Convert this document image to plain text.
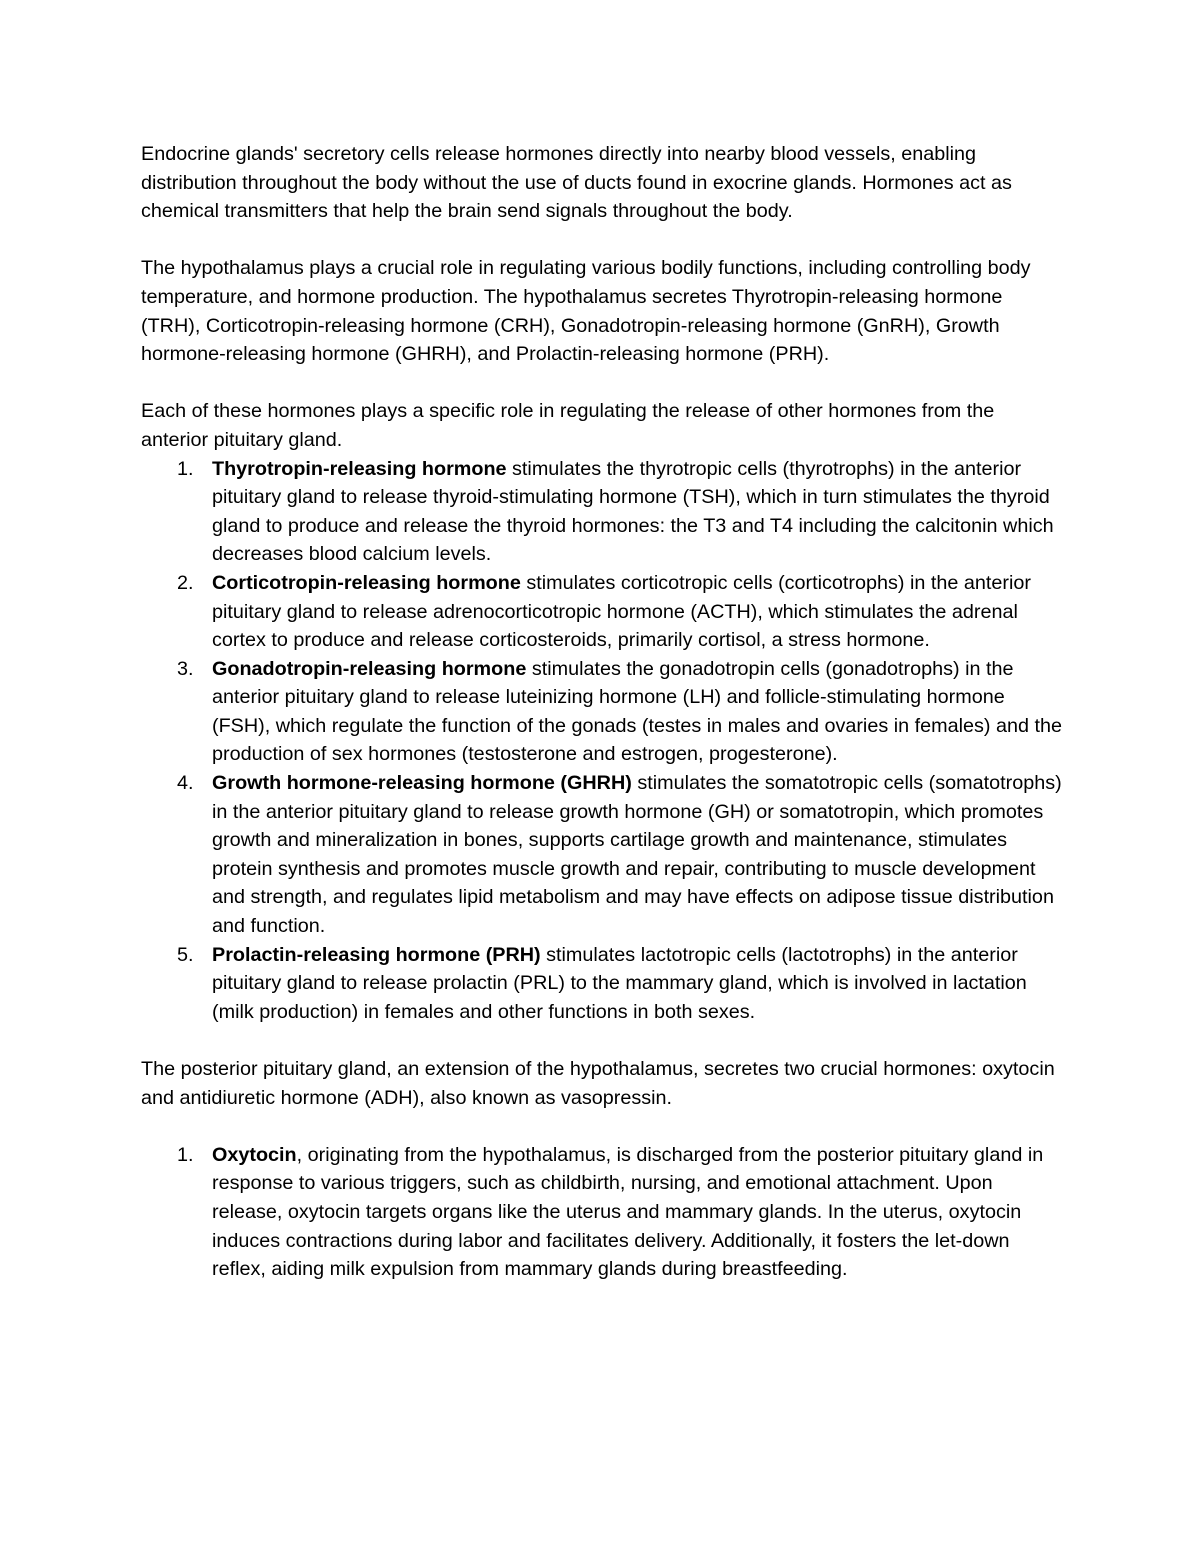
Endocrine glands' secretory cells release hormones directly into nearby blood vessels, enabling distribution throughout the body without the use of ducts found in exocrine glands. Hormones act as chemical transmitters that help the brain send signals throughout the body.

The hypothalamus plays a crucial role in regulating various bodily functions, including controlling body temperature, and hormone production. The hypothalamus secretes Thyrotropin-releasing hormone (TRH), Corticotropin-releasing hormone (CRH), Gonadotropin-releasing hormone (GnRH), Growth hormone-releasing hormone (GHRH), and Prolactin-releasing hormone (PRH).

Each of these hormones plays a specific role in regulating the release of other hormones from the anterior pituitary gland.

1. Thyrotropin-releasing hormone stimulates the thyrotropic cells (thyrotrophs) in the anterior pituitary gland to release thyroid-stimulating hormone (TSH), which in turn stimulates the thyroid gland to produce and release the thyroid hormones: the T3 and T4 including the calcitonin which decreases blood calcium levels.
2. Corticotropin-releasing hormone stimulates corticotropic cells (corticotrophs) in the anterior pituitary gland to release adrenocorticotropic hormone (ACTH), which stimulates the adrenal cortex to produce and release corticosteroids, primarily cortisol, a stress hormone.
3. Gonadotropin-releasing hormone stimulates the gonadotropin cells (gonadotrophs) in the anterior pituitary gland to release luteinizing hormone (LH) and follicle-stimulating hormone (FSH), which regulate the function of the gonads (testes in males and ovaries in females) and the production of sex hormones (testosterone and estrogen, progesterone).
4. Growth hormone-releasing hormone (GHRH) stimulates the somatotropic cells (somatotrophs) in the anterior pituitary gland to release growth hormone (GH) or somatotropin, which promotes growth and mineralization in bones, supports cartilage growth and maintenance, stimulates protein synthesis and promotes muscle growth and repair, contributing to muscle development and strength, and regulates lipid metabolism and may have effects on adipose tissue distribution and function.
5. Prolactin-releasing hormone (PRH) stimulates lactotropic cells (lactotrophs) in the anterior pituitary gland to release prolactin (PRL) to the mammary gland, which is involved in lactation (milk production) in females and other functions in both sexes.

The posterior pituitary gland, an extension of the hypothalamus, secretes two crucial hormones: oxytocin and antidiuretic hormone (ADH), also known as vasopressin.

1. Oxytocin, originating from the hypothalamus, is discharged from the posterior pituitary gland in response to various triggers, such as childbirth, nursing, and emotional attachment. Upon release, oxytocin targets organs like the uterus and mammary glands. In the uterus, oxytocin induces contractions during labor and facilitates delivery. Additionally, it fosters the let-down reflex, aiding milk expulsion from mammary glands during breastfeeding.
